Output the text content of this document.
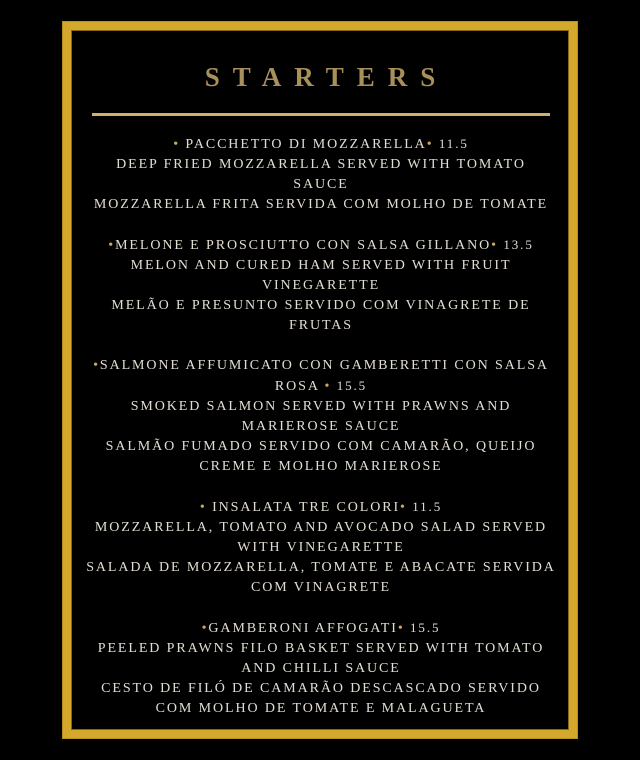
STARTERS
• PACCHETTO DI MOZZARELLA• 11.5
DEEP FRIED MOZZARELLA SERVED WITH TOMATO SAUCE
MOZZARELLA FRITA SERVIDA COM MOLHO DE TOMATE
•MELONE E PROSCIUTTO CON SALSA GILLANO• 13.5
MELON AND CURED HAM SERVED WITH FRUIT VINEGARETTE
MELÃO E PRESUNTO SERVIDO COM VINAGRETE DE FRUTAS
•SALMONE AFFUMICATO CON GAMBERETTI CON SALSA ROSA • 15.5
SMOKED SALMON SERVED WITH PRAWNS AND MARIEROSE SAUCE
SALMÃO FUMADO SERVIDO COM CAMARÃO, QUEIJO CREME E MOLHO MARIEROSE
• INSALATA TRE COLORI• 11.5
MOZZARELLA, TOMATO AND AVOCADO SALAD SERVED WITH VINEGARETTE
SALADA DE MOZZARELLA, TOMATE E ABACATE SERVIDA COM VINAGRETE
•GAMBERONI AFFOGATI• 15.5
PEELED PRAWNS FILO BASKET SERVED WITH TOMATO AND CHILLI SAUCE
CESTO DE FILÓ DE CAMARÃO DESCASCADO SERVIDO COM MOLHO DE TOMATE E MALAGUETA
